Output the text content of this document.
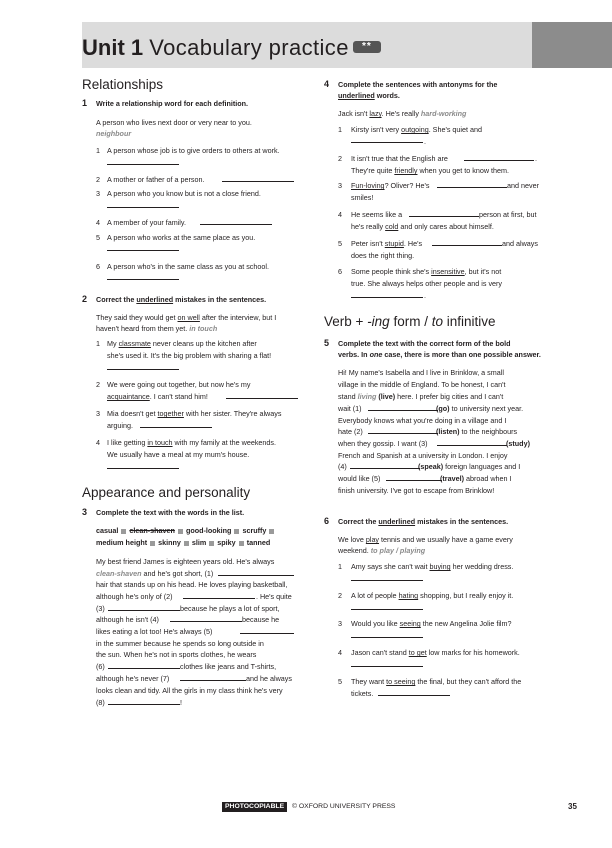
Unit 1 Vocabulary practice **
Relationships
1 Write a relationship word for each definition.
A person who lives next door or very near to you.
neighbour
1 A person whose job is to give orders to others at work.
2 A mother or father of a person.
3 A person who you know but is not a close friend.
4 A member of your family.
5 A person who works at the same place as you.
6 A person who's in the same class as you at school.
2 Correct the underlined mistakes in the sentences.
They said they would get on well after the interview, but I
haven't heard from them yet. in touch
1 My classmate never cleans up the kitchen after
she's used it. It's the big problem with sharing a flat!
2 We were going out together, but now he's my
acquaintance. I can't stand him!
3 Mia doesn't get together with her sister. They're always
arguing.
4 I like getting in touch with my family at the weekends.
We usually have a meal at my mum's house.
Appearance and personality
3 Complete the text with the words in the list.
casual clean-shaven good-looking scruffy
medium height skinny slim spiky tanned
My best friend James is eighteen years old. He's always
clean-shaven and he's got short, (1)
hair that stands up on his head. He loves playing basketball,
although he's only of (2)	. He's quite
(3)	because he plays a lot of sport,
although he isn't (4)	because he
likes eating a lot too! He's always (5)
in the summer because he spends so long outside in
the sun. When he's not in sports clothes, he wears
(6)	clothes like jeans and T-shirts,
although he's never (7)	and he always
looks clean and tidy. All the girls in my class think he's very
(8)	!
4 Complete the sentences with antonyms for the
underlined words.
Jack isn't lazy. He's really hard-working
1 Kirsty isn't very outgoing. She's quiet and
.
2 It isn't true that the English are	.
They're quite friendly when you get to know them.
3 Fun-loving? Oliver? He's	and never
smiles!
4 He seems like a	person at first, but
he's really cold and only cares about himself.
5 Peter isn't stupid. He's	and always
does the right thing.
6 Some people think she's insensitive, but it's not
true. She always helps other people and is very
.
Verb + -ing form / to infinitive
5 Complete the text with the correct form of the bold
verbs. In one case, there is more than one possible answer.
Hi! My name's Isabella and I live in Brinklow, a small
village in the middle of England. To be honest, I can't
stand living (live) here. I prefer big cities and I can't
wait (1)	(go) to university next year.
Everybody knows what you're doing in a village and I
hate (2)	(listen) to the neighbours
when they gossip. I want (3)	(study)
French and Spanish at a university in London. I enjoy
(4)	(speak) foreign languages and I
would like (5)	(travel) abroad when I
finish university. I've got to escape from Brinklow!
6 Correct the underlined mistakes in the sentences.
We love play tennis and we usually have a game every
weekend. to play / playing
1 Amy says she can't wait buying her wedding dress.
2 A lot of people hating shopping, but I really enjoy it.
3 Would you like seeing the new Angelina Jolie film?
4 Jason can't stand to get low marks for his homework.
5 They want to seeing the final, but they can't afford the
tickets.
PHOTOCOPIABLE	© OXFORD UNIVERSITY PRESS	35
